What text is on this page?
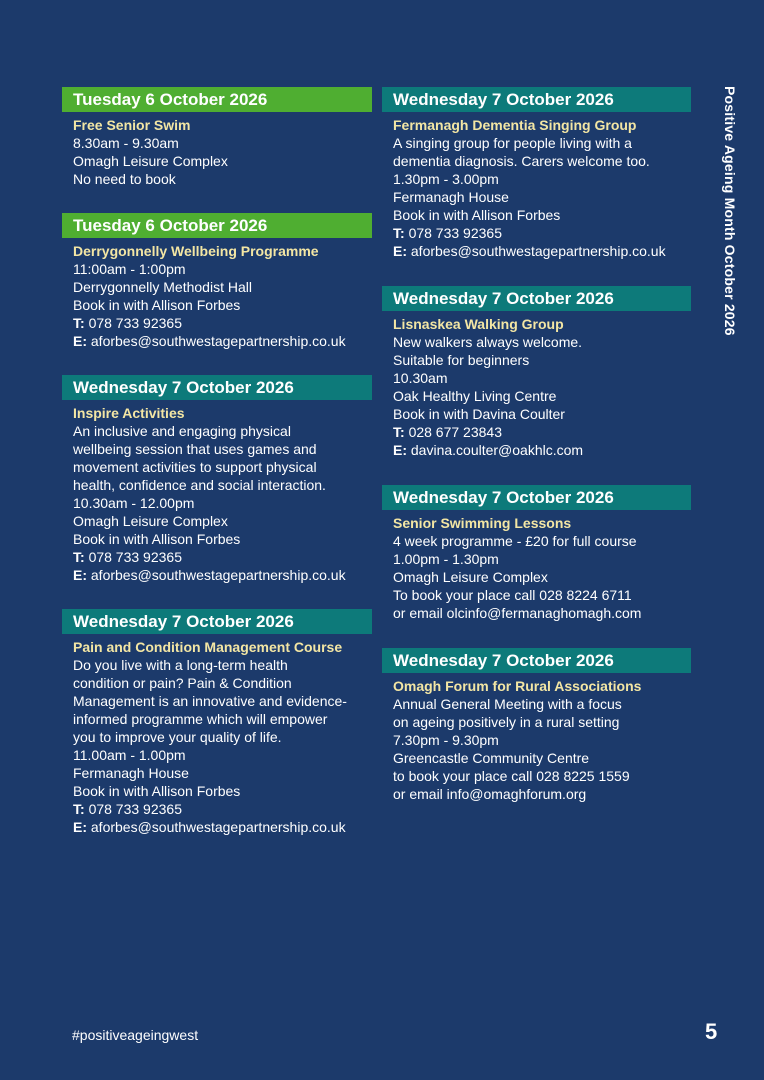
Tuesday 6 October 2026
Free Senior Swim
8.30am - 9.30am
Omagh Leisure Complex
No need to book
Tuesday 6 October 2026
Derrygonnelly Wellbeing Programme
11:00am - 1:00pm
Derrygonnelly Methodist Hall
Book in with Allison Forbes
T: 078 733 92365
E: aforbes@southwestagepartnership.co.uk
Wednesday 7 October 2026
Inspire Activities
An inclusive and engaging physical
wellbeing session that uses games and
movement activities to support physical
health, confidence and social interaction.
10.30am - 12.00pm
Omagh Leisure Complex
Book in with Allison Forbes
T: 078 733 92365
E: aforbes@southwestagepartnership.co.uk
Wednesday 7 October 2026
Pain and Condition Management Course
Do you live with a long-term health
condition or pain? Pain & Condition
Management is an innovative and evidence-
informed programme which will empower
you to improve your quality of life.
11.00am - 1.00pm
Fermanagh House
Book in with Allison Forbes
T: 078 733 92365
E: aforbes@southwestagepartnership.co.uk
Wednesday 7 October 2026
Fermanagh Dementia Singing Group
A singing group for people living with a
dementia diagnosis. Carers welcome too.
1.30pm - 3.00pm
Fermanagh House
Book in with Allison Forbes
T: 078 733 92365
E: aforbes@southwestagepartnership.co.uk
Wednesday 7 October 2026
Lisnaskea Walking Group
New walkers always welcome.
Suitable for beginners
10.30am
Oak Healthy Living Centre
Book in with Davina Coulter
T: 028 677 23843
E: davina.coulter@oakhlc.com
Wednesday 7 October 2026
Senior Swimming Lessons
4 week programme - £20 for full course
1.00pm - 1.30pm
Omagh Leisure Complex
To book your place call 028 8224 6711
or email olcinfo@fermanaghomagh.com
Wednesday 7 October 2026
Omagh Forum for Rural Associations
Annual General Meeting with a focus
on ageing positively in a rural setting
7.30pm - 9.30pm
Greencastle Community Centre
to book your place call 028 8225 1559
or email info@omaghforum.org
Positive Ageing Month October 2026
#positiveageingwest	5
